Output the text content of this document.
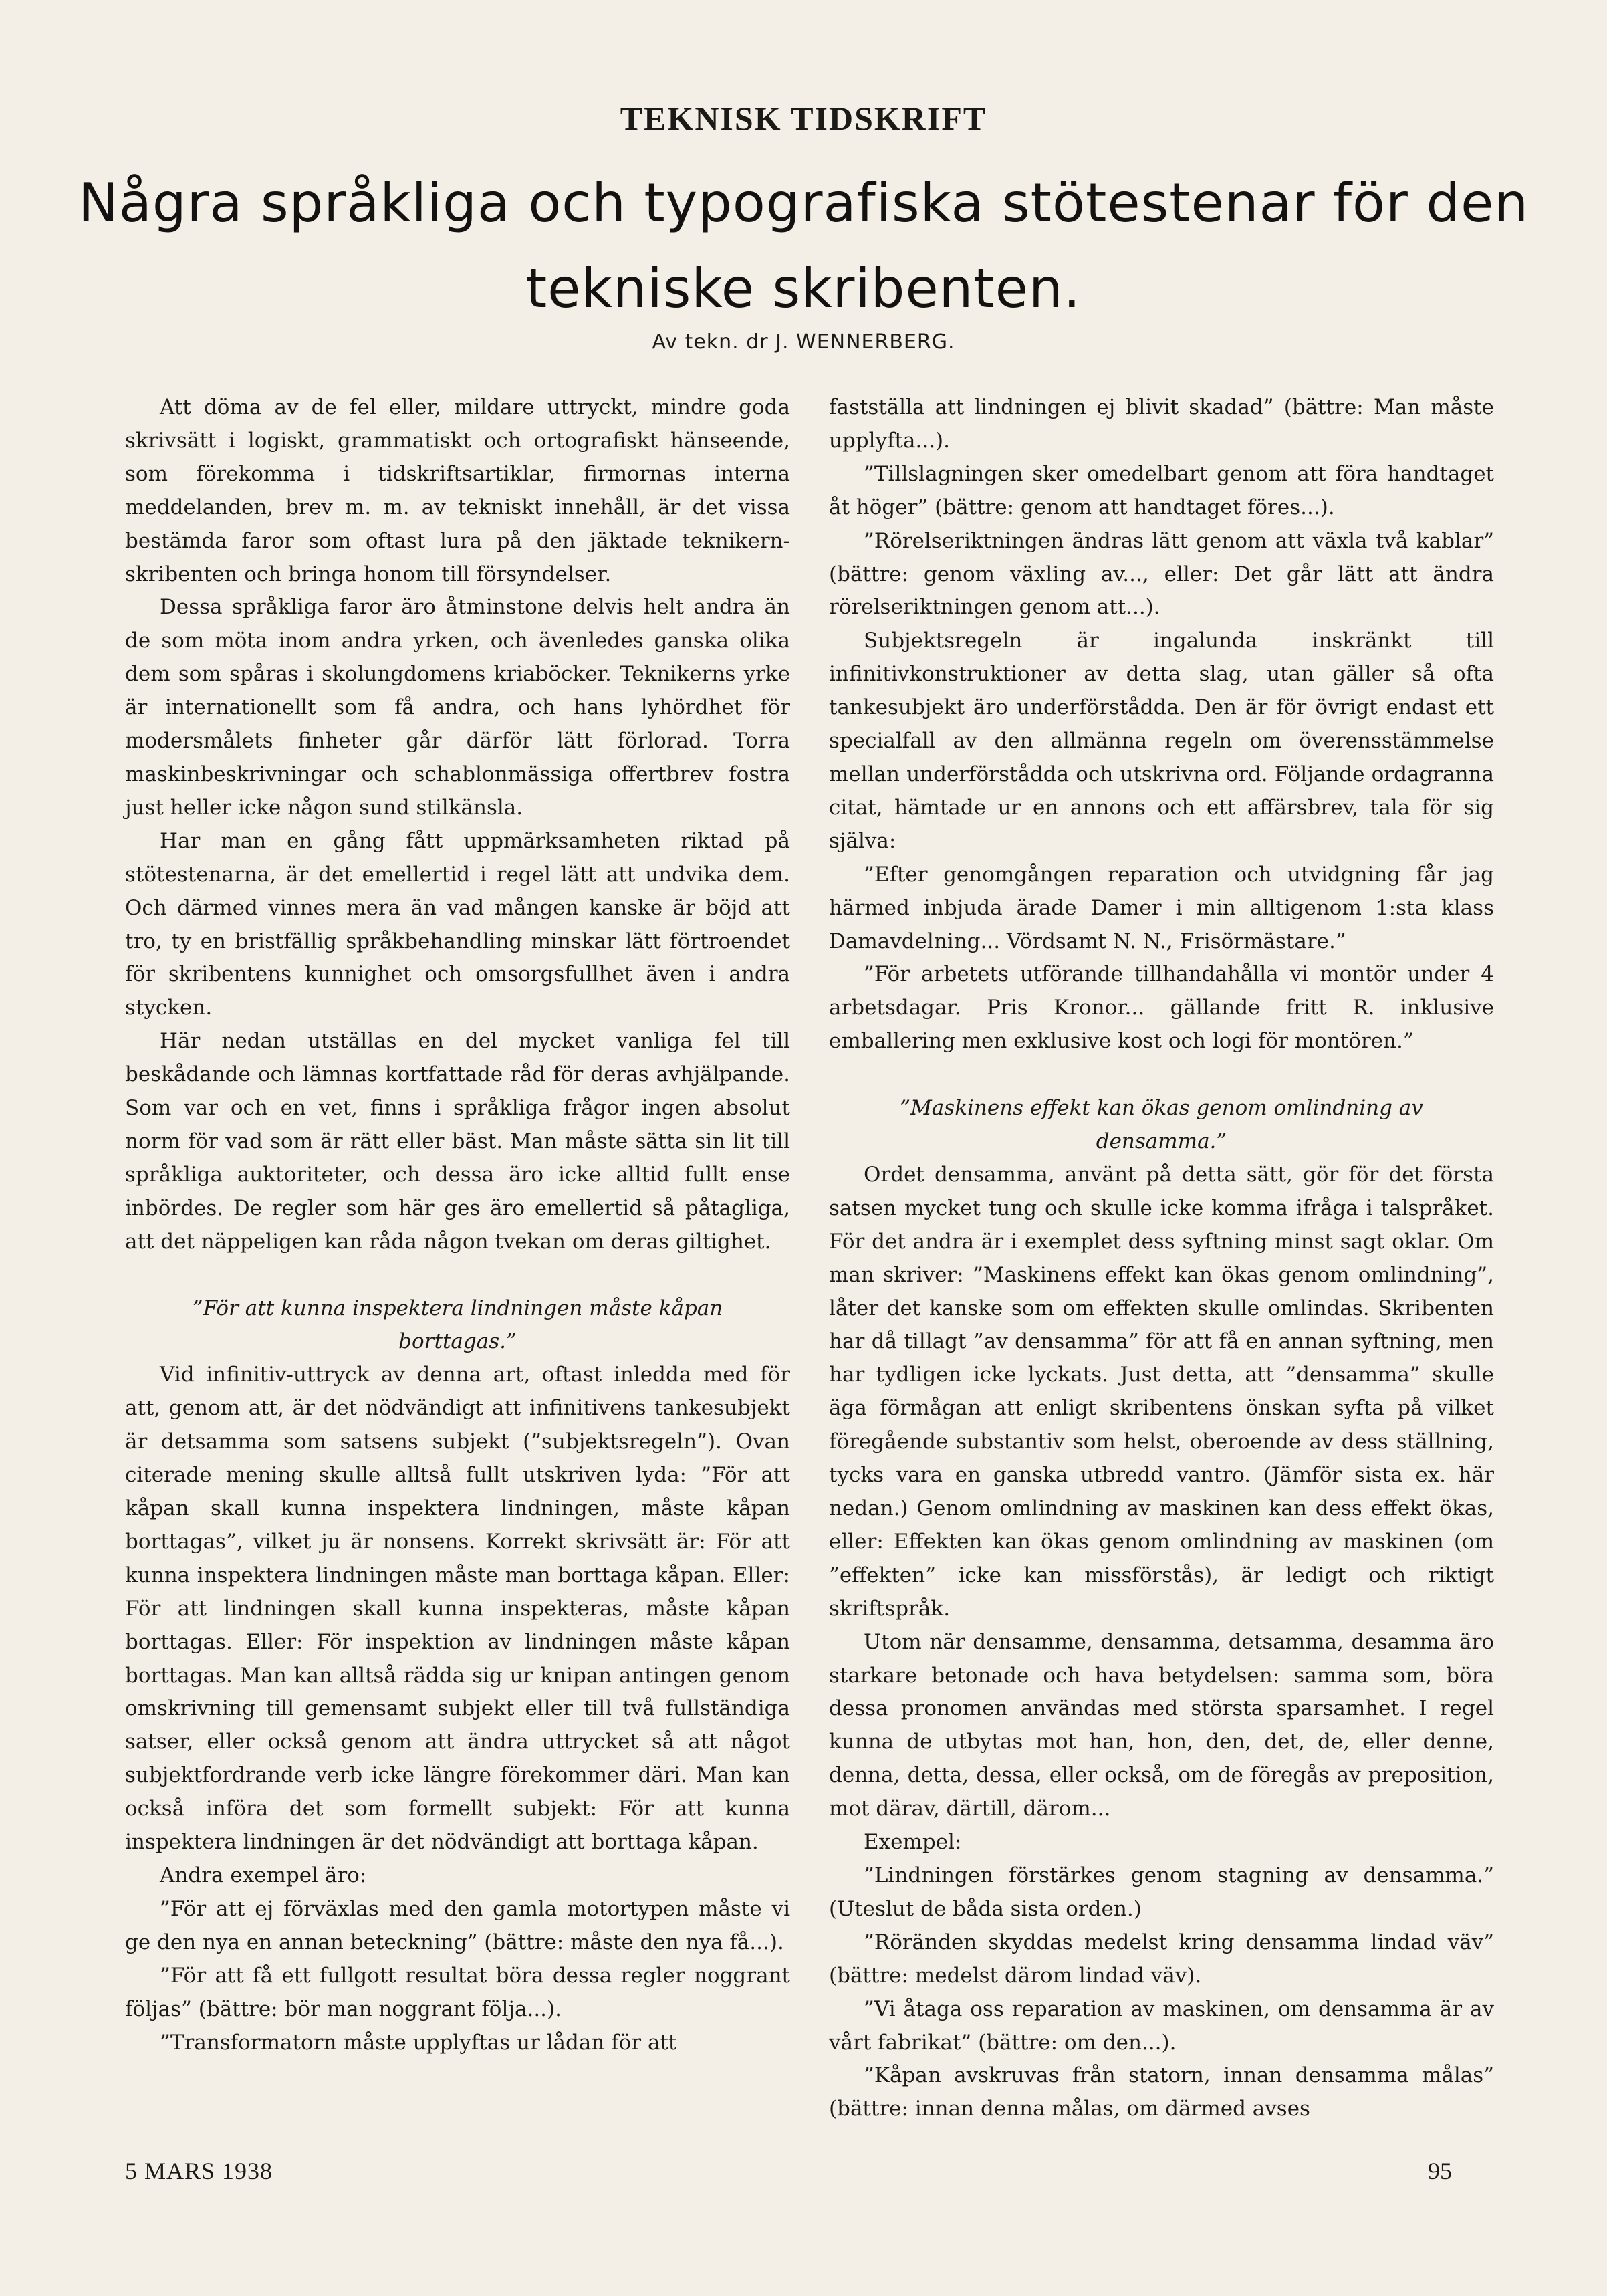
TEKNISK TIDSKRIFT
Några språkliga och typografiska stötestenar för den tekniske skribenten.
Av tekn. dr J. WENNERBERG.

Att döma av de fel eller, mildare uttryckt, mindre goda skrivsätt i logiskt, grammatiskt och ortografiskt hänseende, som förekomma i tidskriftsartiklar, firmornas interna meddelanden, brev m. m. av tekniskt innehåll, är det vissa bestämda faror som oftast lura på den jäktade teknikern-skribenten och bringa honom till försyndelser.

Dessa språkliga faror äro åtminstone delvis helt andra än de som möta inom andra yrken, och ävenledes ganska olika dem som spåras i skolungdomens kriaböcker. Teknikerns yrke är internationellt som få andra, och hans lyhördhet för modersmålets finheter går därför lätt förlorad. Torra maskinbeskrivningar och schablonmässiga offertbrev fostra just heller icke någon sund stilkänsla.

Har man en gång fått uppmärksamheten riktad på stötestenarna, är det emellertid i regel lätt att undvika dem. Och därmed vinnes mera än vad mången kanske är böjd att tro, ty en bristfällig språkbehandling minskar lätt förtroendet för skribentens kunnighet och omsorgsfullhet även i andra stycken.

Här nedan utställas en del mycket vanliga fel till beskådande och lämnas kortfattade råd för deras avhjälpande. Som var och en vet, finns i språkliga frågor ingen absolut norm för vad som är rätt eller bäst. Man måste sätta sin lit till språkliga auktoriteter, och dessa äro icke alltid fullt ense inbördes. De regler som här ges äro emellertid så påtagliga, att det näppeligen kan råda någon tvekan om deras giltighet.

”För att kunna inspektera lindningen måste kåpan borttagas.”

Vid infinitiv-uttryck av denna art, oftast inledda med för att, genom att, är det nödvändigt att infinitivens tankesubjekt är detsamma som satsens subjekt (”subjektsregeln”). Ovan citerade mening skulle alltså fullt utskriven lyda: ”För att kåpan skall kunna inspektera lindningen, måste kåpan borttagas”, vilket ju är nonsens. Korrekt skrivsätt är: För att kunna inspektera lindningen måste man borttaga kåpan. Eller: För att lindningen skall kunna inspekteras, måste kåpan borttagas. Eller: För inspektion av lindningen måste kåpan borttagas. Man kan alltså rädda sig ur knipan antingen genom omskrivning till gemensamt subjekt eller till två fullständiga satser, eller också genom att ändra uttrycket så att något subjektfordrande verb icke längre förekommer däri. Man kan också införa det som formellt subjekt: För att kunna inspektera lindningen är det nödvändigt att borttaga kåpan.

Andra exempel äro:

”För att ej förväxlas med den gamla motortypen måste vi ge den nya en annan beteckning” (bättre: måste den nya få...).

”För att få ett fullgott resultat böra dessa regler noggrant följas” (bättre: bör man noggrant följa...).

”Transformatorn måste upplyftas ur lådan för att

fastställa att lindningen ej blivit skadad” (bättre: Man måste upplyfta...).

”Tillslagningen sker omedelbart genom att föra handtaget åt höger” (bättre: genom att handtaget föres...).

”Rörelseriktningen ändras lätt genom att växla två kablar” (bättre: genom växling av..., eller: Det går lätt att ändra rörelseriktningen genom att...).

Subjektsregeln är ingalunda inskränkt till infinitivkonstruktioner av detta slag, utan gäller så ofta tankesubjekt äro underförstådda. Den är för övrigt endast ett specialfall av den allmänna regeln om överensstämmelse mellan underförstådda och utskrivna ord. Följande ordagranna citat, hämtade ur en annons och ett affärsbrev, tala för sig själva:

”Efter genomgången reparation och utvidgning får jag härmed inbjuda ärade Damer i min alltigenom 1:sta klass Damavdelning... Vördsamt N. N., Frisörmästare.”

”För arbetets utförande tillhandahålla vi montör under 4 arbetsdagar. Pris Kronor... gällande fritt R. inklusive emballering men exklusive kost och logi för montören.”

”Maskinens effekt kan ökas genom omlindning av densamma.”

Ordet densamma, använt på detta sätt, gör för det första satsen mycket tung och skulle icke komma ifråga i talspråket. För det andra är i exemplet dess syftning minst sagt oklar. Om man skriver: ”Maskinens effekt kan ökas genom omlindning”, låter det kanske som om effekten skulle omlindas. Skribenten har då tillagt ”av densamma” för att få en annan syftning, men har tydligen icke lyckats. Just detta, att ”densamma” skulle äga förmågan att enligt skribentens önskan syfta på vilket föregående substantiv som helst, oberoende av dess ställning, tycks vara en ganska utbredd vantro. (Jämför sista ex. här nedan.) Genom omlindning av maskinen kan dess effekt ökas, eller: Effekten kan ökas genom omlindning av maskinen (om ”effekten” icke kan missförstås), är ledigt och riktigt skriftspråk.

Utom när densamme, densamma, detsamma, desamma äro starkare betonade och hava betydelsen: samma som, böra dessa pronomen användas med största sparsamhet. I regel kunna de utbytas mot han, hon, den, det, de, eller denne, denna, detta, dessa, eller också, om de föregås av preposition, mot därav, därtill, därom...

Exempel:

”Lindningen förstärkes genom stagning av densamma.” (Uteslut de båda sista orden.)

”Röränden skyddas medelst kring densamma lindad väv” (bättre: medelst därom lindad väv).

”Vi åtaga oss reparation av maskinen, om densamma är av vårt fabrikat” (bättre: om den...).

”Kåpan avskruvas från statorn, innan densamma målas” (bättre: innan denna målas, om därmed avses

5 MARS 1938	95
